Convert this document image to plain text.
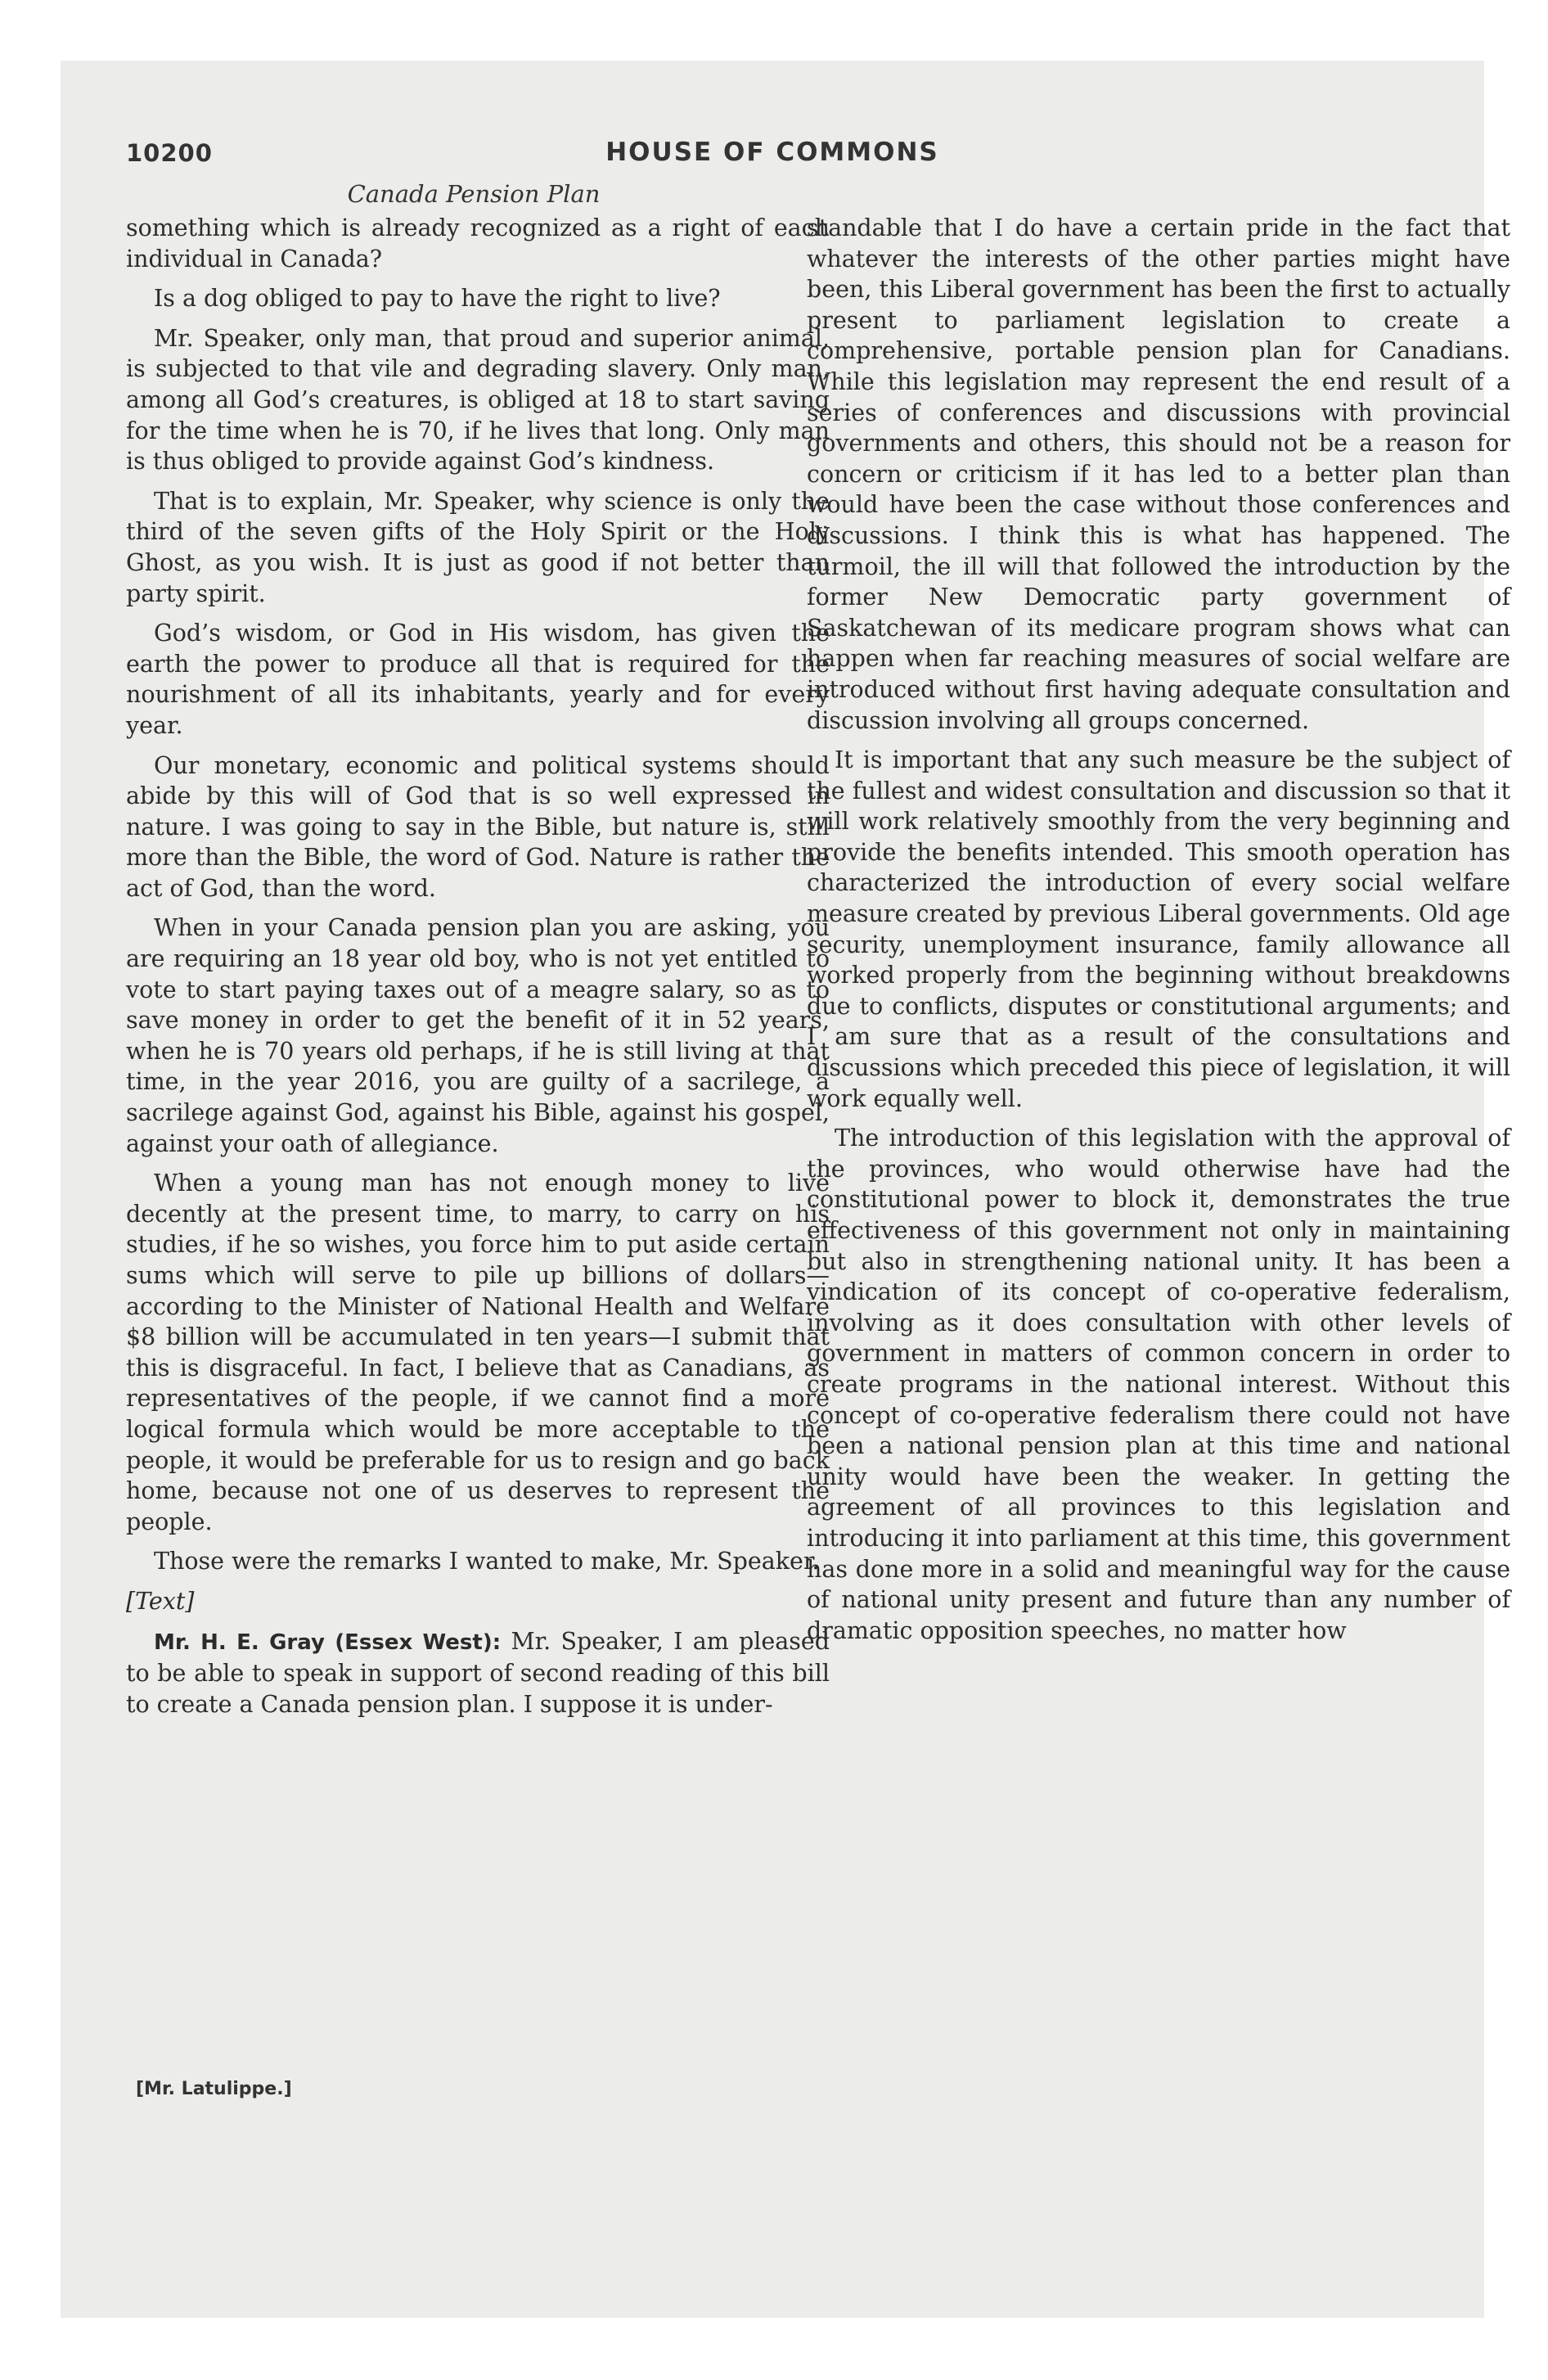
10200	HOUSE OF COMMONS
Canada Pension Plan

something which is already recognized as a right of each individual in Canada?

Is a dog obliged to pay to have the right to live?

Mr. Speaker, only man, that proud and superior animal, is subjected to that vile and degrading slavery. Only man, among all God’s creatures, is obliged at 18 to start saving for the time when he is 70, if he lives that long. Only man is thus obliged to provide against God’s kindness.

That is to explain, Mr. Speaker, why science is only the third of the seven gifts of the Holy Spirit or the Holy Ghost, as you wish. It is just as good if not better than party spirit.

God’s wisdom, or God in His wisdom, has given the earth the power to produce all that is required for the nourishment of all its inhabitants, yearly and for every year.

Our monetary, economic and political systems should abide by this will of God that is so well expressed in nature. I was going to say in the Bible, but nature is, still more than the Bible, the word of God. Nature is rather the act of God, than the word.

When in your Canada pension plan you are asking, you are requiring an 18 year old boy, who is not yet entitled to vote to start paying taxes out of a meagre salary, so as to save money in order to get the benefit of it in 52 years, when he is 70 years old perhaps, if he is still living at that time, in the year 2016, you are guilty of a sacrilege, a sacrilege against God, against his Bible, against his gospel, against your oath of allegiance.

When a young man has not enough money to live decently at the present time, to marry, to carry on his studies, if he so wishes, you force him to put aside certain sums which will serve to pile up billions of dollars— according to the Minister of National Health and Welfare $8 billion will be accumulated in ten years—I submit that this is disgraceful. In fact, I believe that as Canadians, as representatives of the people, if we cannot find a more logical formula which would be more acceptable to the people, it would be preferable for us to resign and go back home, because not one of us deserves to represent the people.

Those were the remarks I wanted to make, Mr. Speaker.

[Text]

Mr. H. E. Gray (Essex West): Mr. Speaker, I am pleased to be able to speak in support of second reading of this bill to create a Canada pension plan. I suppose it is under-

standable that I do have a certain pride in the fact that whatever the interests of the other parties might have been, this Liberal government has been the first to actually present to parliament legislation to create a comprehensive, portable pension plan for Canadians. While this legislation may represent the end result of a series of conferences and discussions with provincial governments and others, this should not be a reason for concern or criticism if it has led to a better plan than would have been the case without those conferences and discussions. I think this is what has happened. The turmoil, the ill will that followed the introduction by the former New Democratic party government of Saskatchewan of its medicare program shows what can happen when far reaching measures of social welfare are introduced without first having adequate consultation and discussion involving all groups concerned.

It is important that any such measure be the subject of the fullest and widest consultation and discussion so that it will work relatively smoothly from the very beginning and provide the benefits intended. This smooth operation has characterized the introduction of every social welfare measure created by previous Liberal governments. Old age security, unemployment insurance, family allowance all worked properly from the beginning without breakdowns due to conflicts, disputes or constitutional arguments; and I am sure that as a result of the consultations and discussions which preceded this piece of legislation, it will work equally well.

The introduction of this legislation with the approval of the provinces, who would otherwise have had the constitutional power to block it, demonstrates the true effectiveness of this government not only in maintaining but also in strengthening national unity. It has been a vindication of its concept of co-operative federalism, involving as it does consultation with other levels of government in matters of common concern in order to create programs in the national interest. Without this concept of co-operative federalism there could not have been a national pension plan at this time and national unity would have been the weaker. In getting the agreement of all provinces to this legislation and introducing it into parliament at this time, this government has done more in a solid and meaningful way for the cause of national unity present and future than any number of dramatic opposition speeches, no matter how

[Mr. Latulippe.]
